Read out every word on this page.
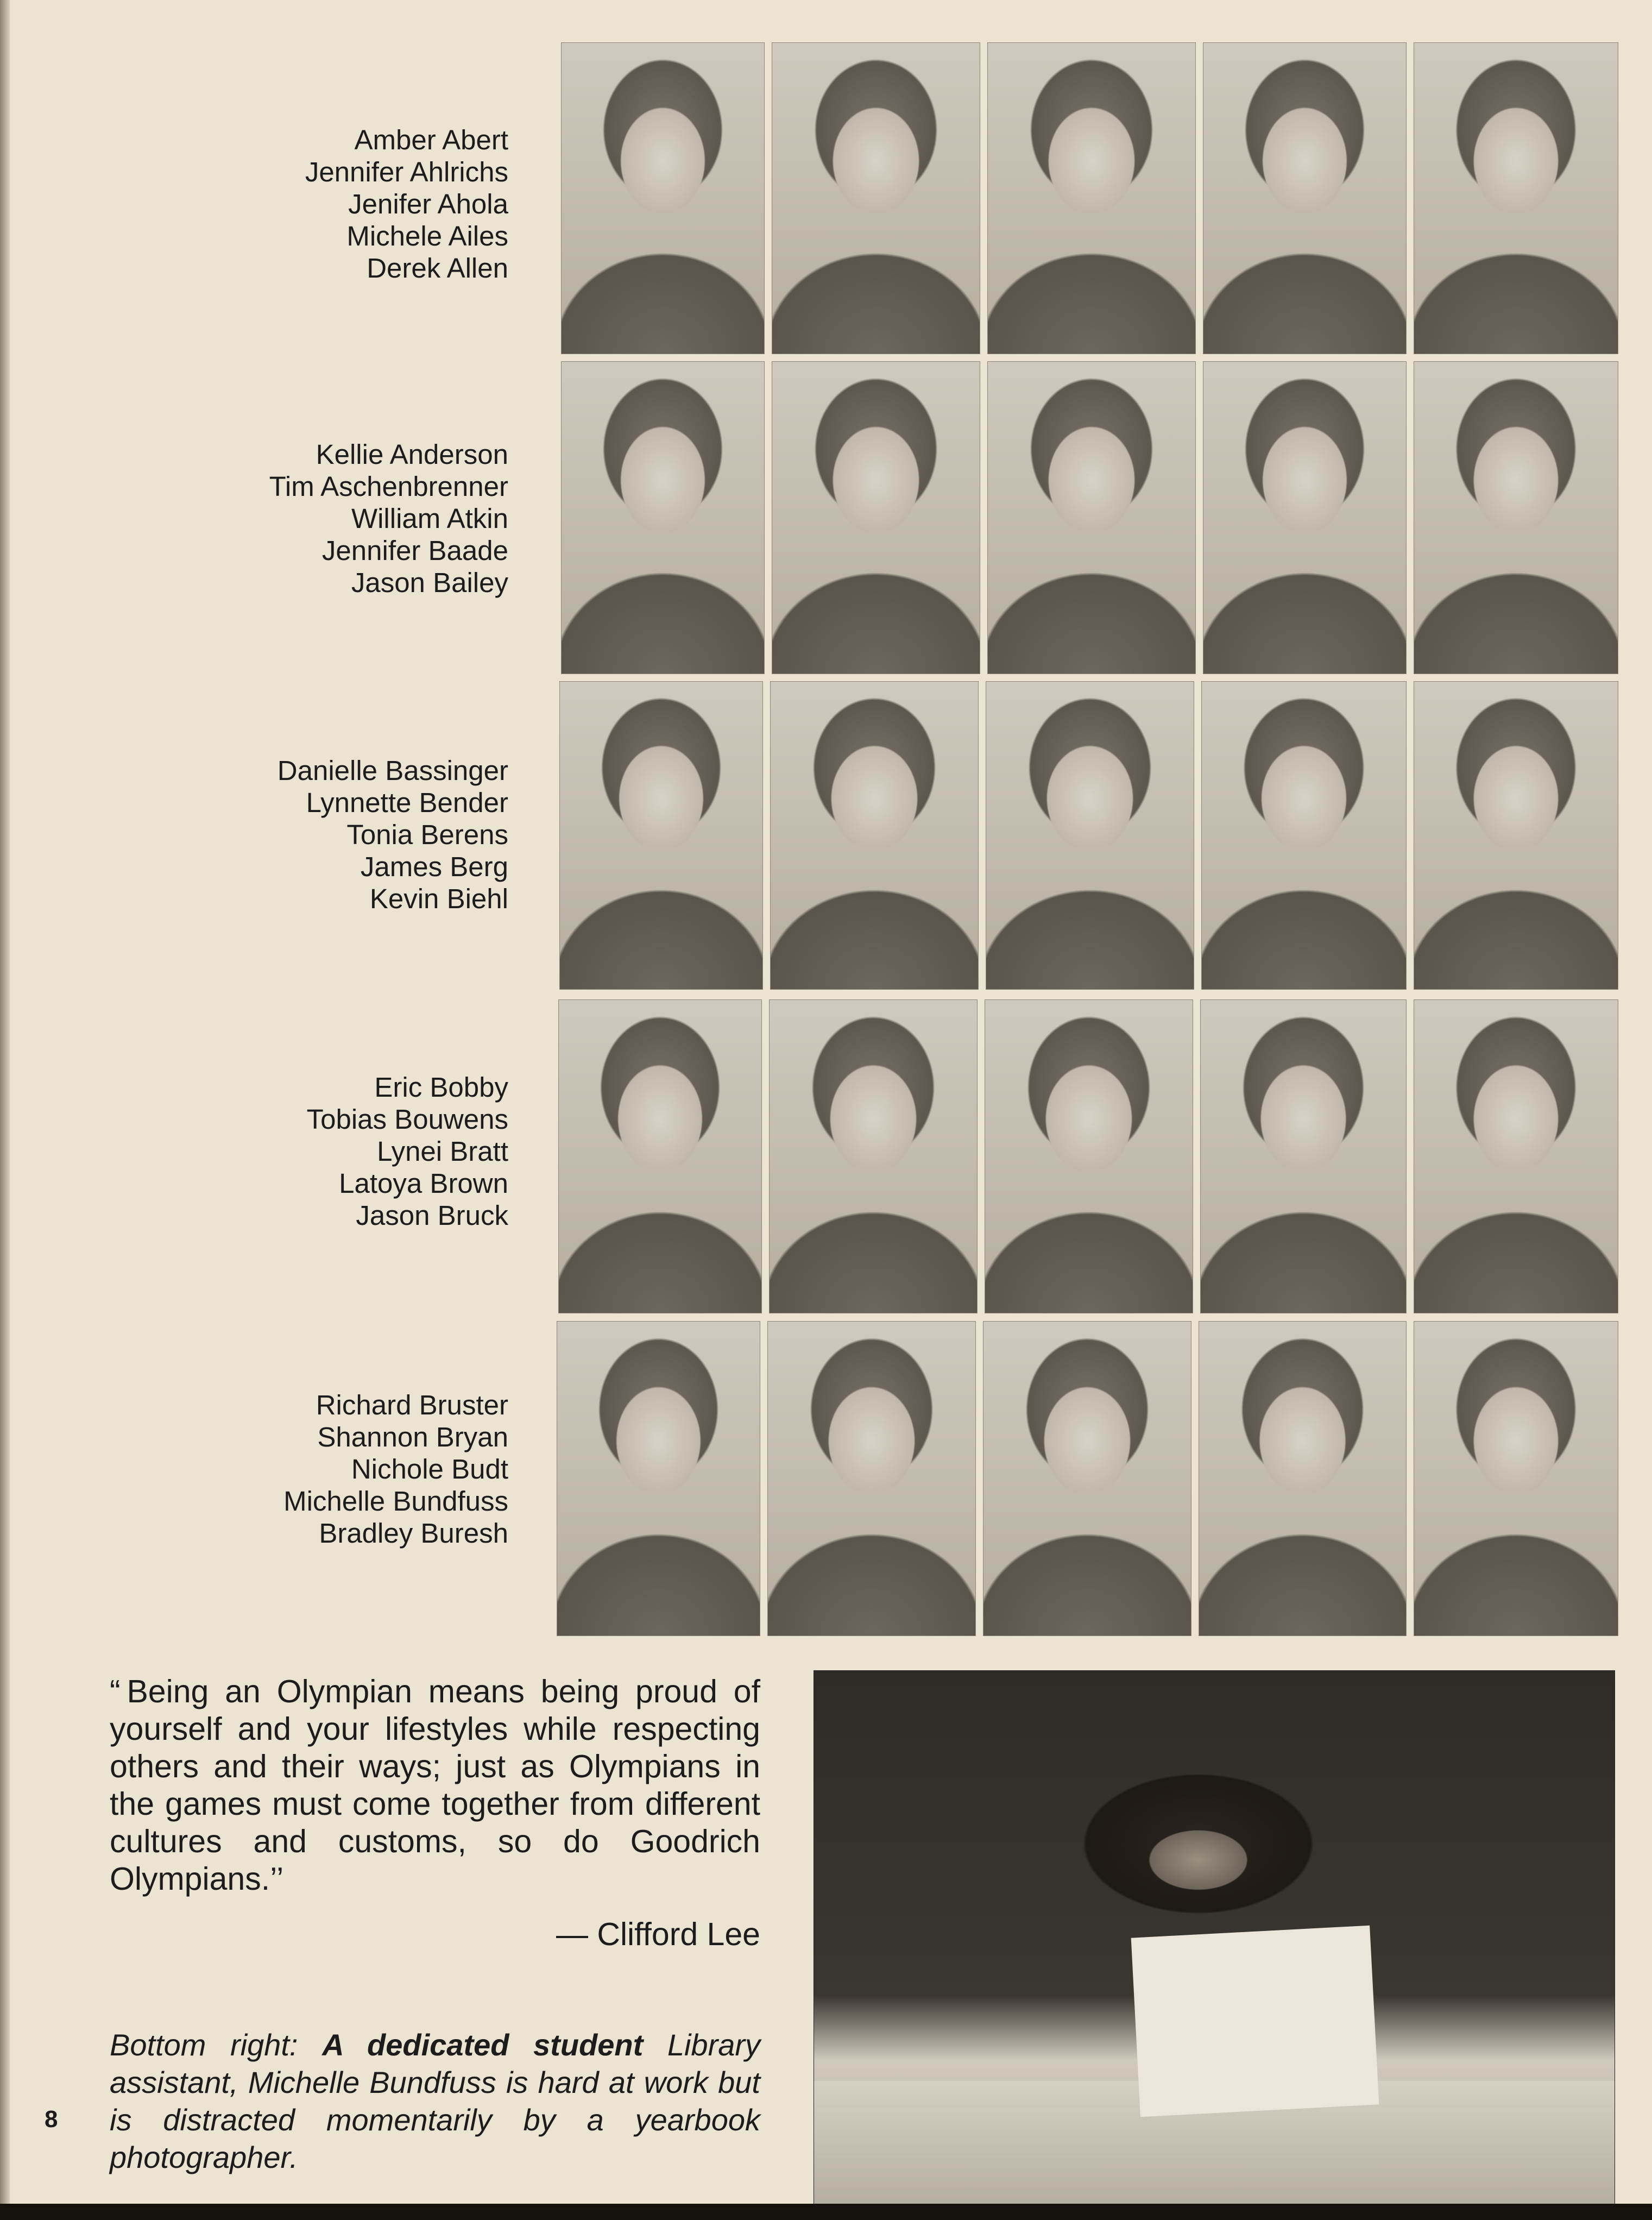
Amber Abert
Jennifer Ahlrichs
Jenifer Ahola
Michele Ailes
Derek Allen
Kellie Anderson
Tim Aschenbrenner
William Atkin
Jennifer Baade
Jason Bailey
Danielle Bassinger
Lynnette Bender
Tonia Berens
James Berg
Kevin Biehl
Eric Bobby
Tobias Bouwens
Lynei Bratt
Latoya Brown
Jason Bruck
Richard Bruster
Shannon Bryan
Nichole Budt
Michelle Bundfuss
Bradley Buresh
“ Being an Olympian means being proud of yourself and your lifestyles while respecting others and their ways; just as Olympians in the games must come together from different cultures and customs, so do Goodrich Olympians.’’
— Clifford Lee
Bottom right: A dedicated student Library assistant, Michelle Bundfuss is hard at work but is distracted momentarily by a yearbook photographer.
8
